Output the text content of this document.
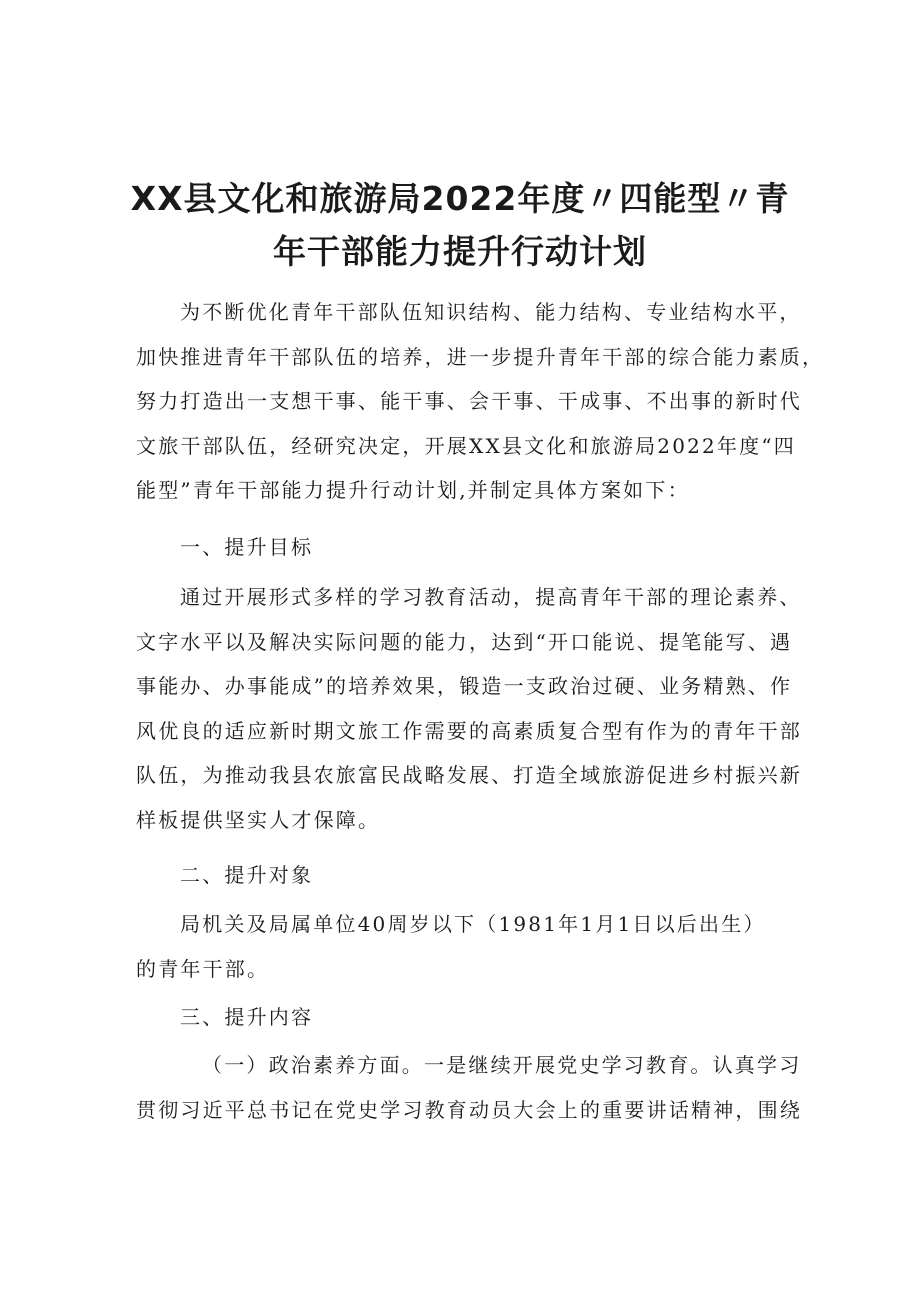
XX县文化和旅游局2022年度〃四能型〃青
年干部能力提升行动计划
为不断优化青年干部队伍知识结构、能力结构、专业结构水平，
加快推进青年干部队伍的培养，进一步提升青年干部的综合能力素质，
努力打造出一支想干事、能干事、会干事、干成事、不出事的新时代
文旅干部队伍，经研究决定，开展XX县文化和旅游局2022年度“四
能型”青年干部能力提升行动计划,并制定具体方案如下：
一、提升目标
通过开展形式多样的学习教育活动，提高青年干部的理论素养、
文字水平以及解决实际问题的能力，达到“开口能说、提笔能写、遇
事能办、办事能成”的培养效果，锻造一支政治过硬、业务精熟、作
风优良的适应新时期文旅工作需要的高素质复合型有作为的青年干部
队伍，为推动我县农旅富民战略发展、打造全域旅游促进乡村振兴新
样板提供坚实人才保障。
二、提升对象
局机关及局属单位40周岁以下（1981年1月1日以后出生）
的青年干部。
三、提升内容
（一）政治素养方面。一是继续开展党史学习教育。认真学习
贯彻习近平总书记在党史学习教育动员大会上的重要讲话精神，围绕
